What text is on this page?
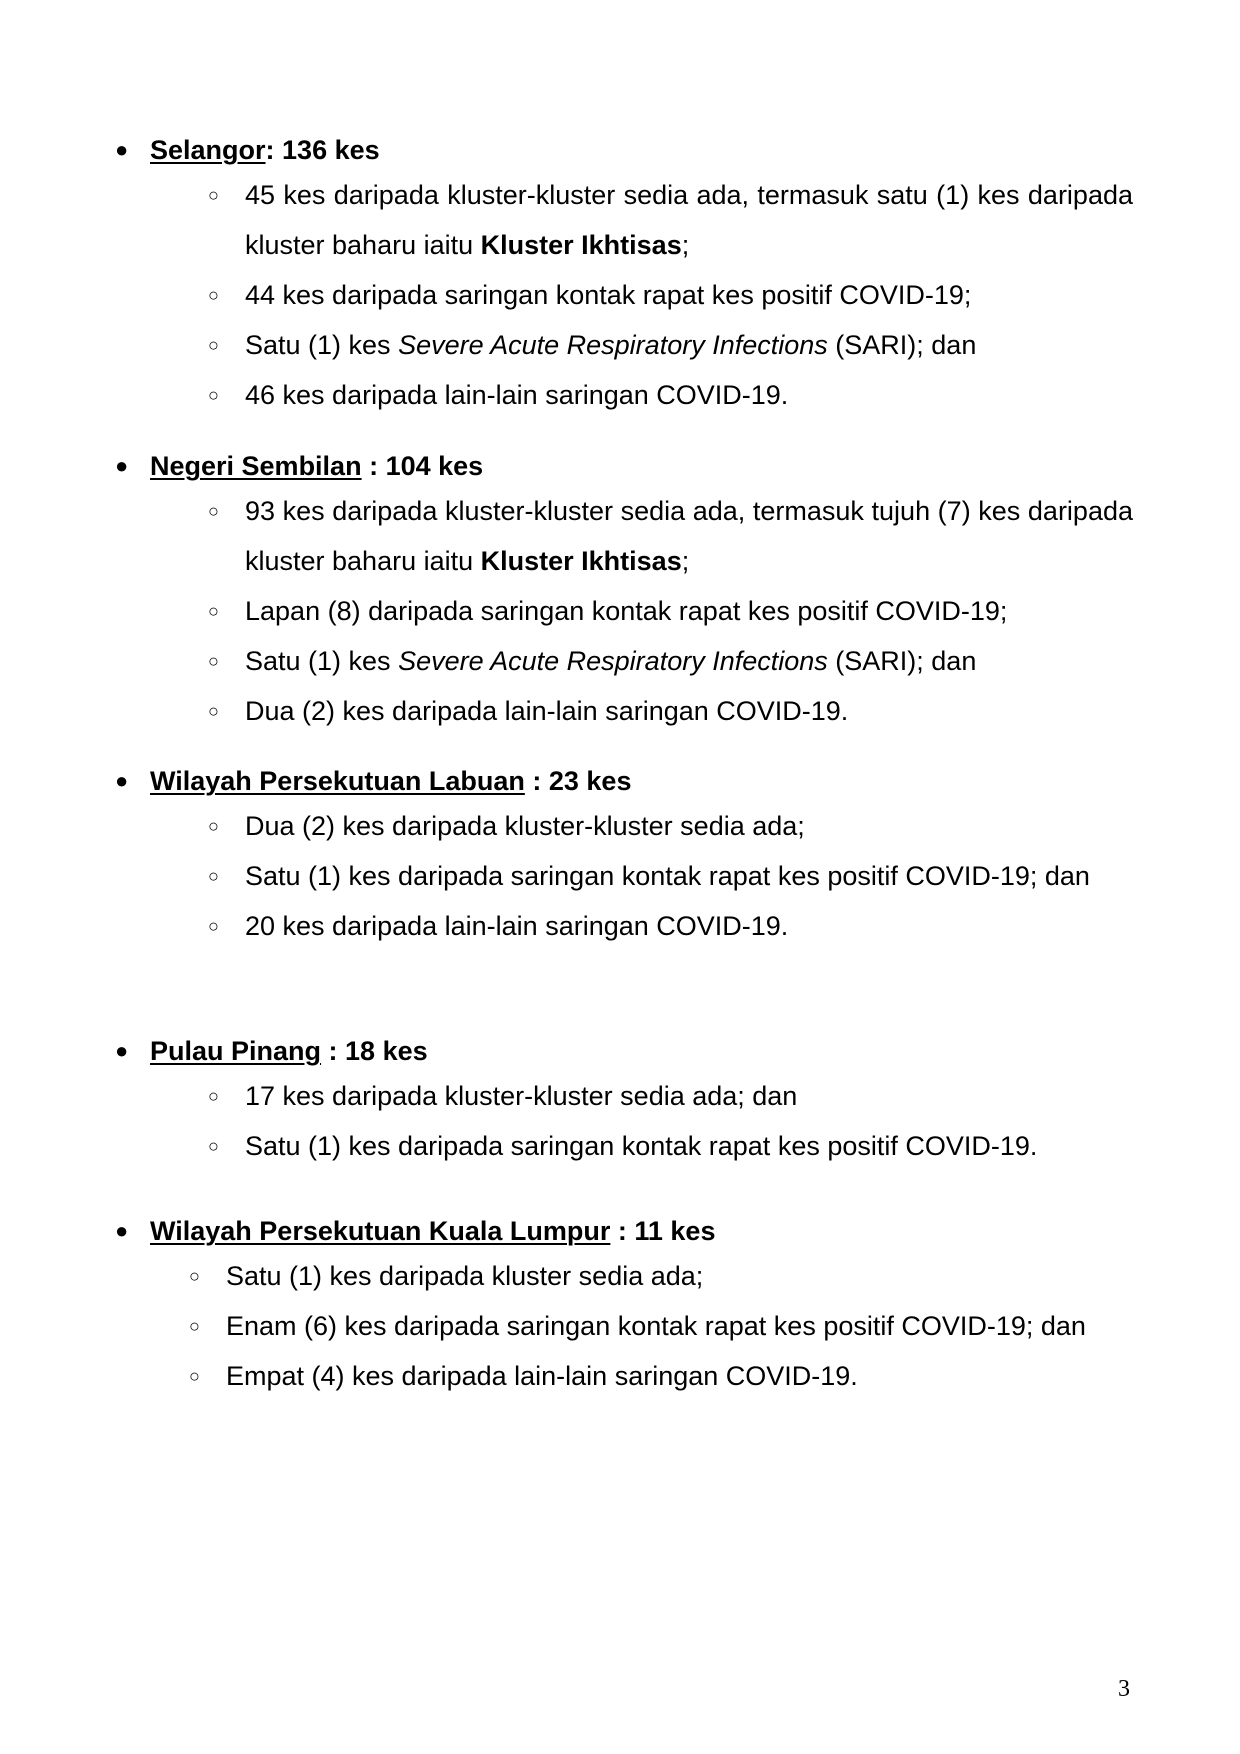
● Selangor: 136 kes
○ 45 kes daripada kluster-kluster sedia ada, termasuk satu (1) kes daripada kluster baharu iaitu Kluster Ikhtisas;
○ 44 kes daripada saringan kontak rapat kes positif COVID-19;
○ Satu (1) kes Severe Acute Respiratory Infections (SARI); dan
○ 46 kes daripada lain-lain saringan COVID-19.
● Negeri Sembilan : 104 kes
○ 93 kes daripada kluster-kluster sedia ada, termasuk tujuh (7) kes daripada kluster baharu iaitu Kluster Ikhtisas;
○ Lapan (8) daripada saringan kontak rapat kes positif COVID-19;
○ Satu (1) kes Severe Acute Respiratory Infections (SARI); dan
○ Dua (2) kes daripada lain-lain saringan COVID-19.
● Wilayah Persekutuan Labuan : 23 kes
○ Dua (2) kes daripada kluster-kluster sedia ada;
○ Satu (1) kes daripada saringan kontak rapat kes positif COVID-19; dan
○ 20 kes daripada lain-lain saringan COVID-19.
● Pulau Pinang : 18 kes
○ 17 kes daripada kluster-kluster sedia ada; dan
○ Satu (1) kes daripada saringan kontak rapat kes positif COVID-19.
● Wilayah Persekutuan Kuala Lumpur : 11 kes
○ Satu (1) kes daripada kluster sedia ada;
○ Enam (6) kes daripada saringan kontak rapat kes positif COVID-19; dan
○ Empat (4) kes daripada lain-lain saringan COVID-19.
3
